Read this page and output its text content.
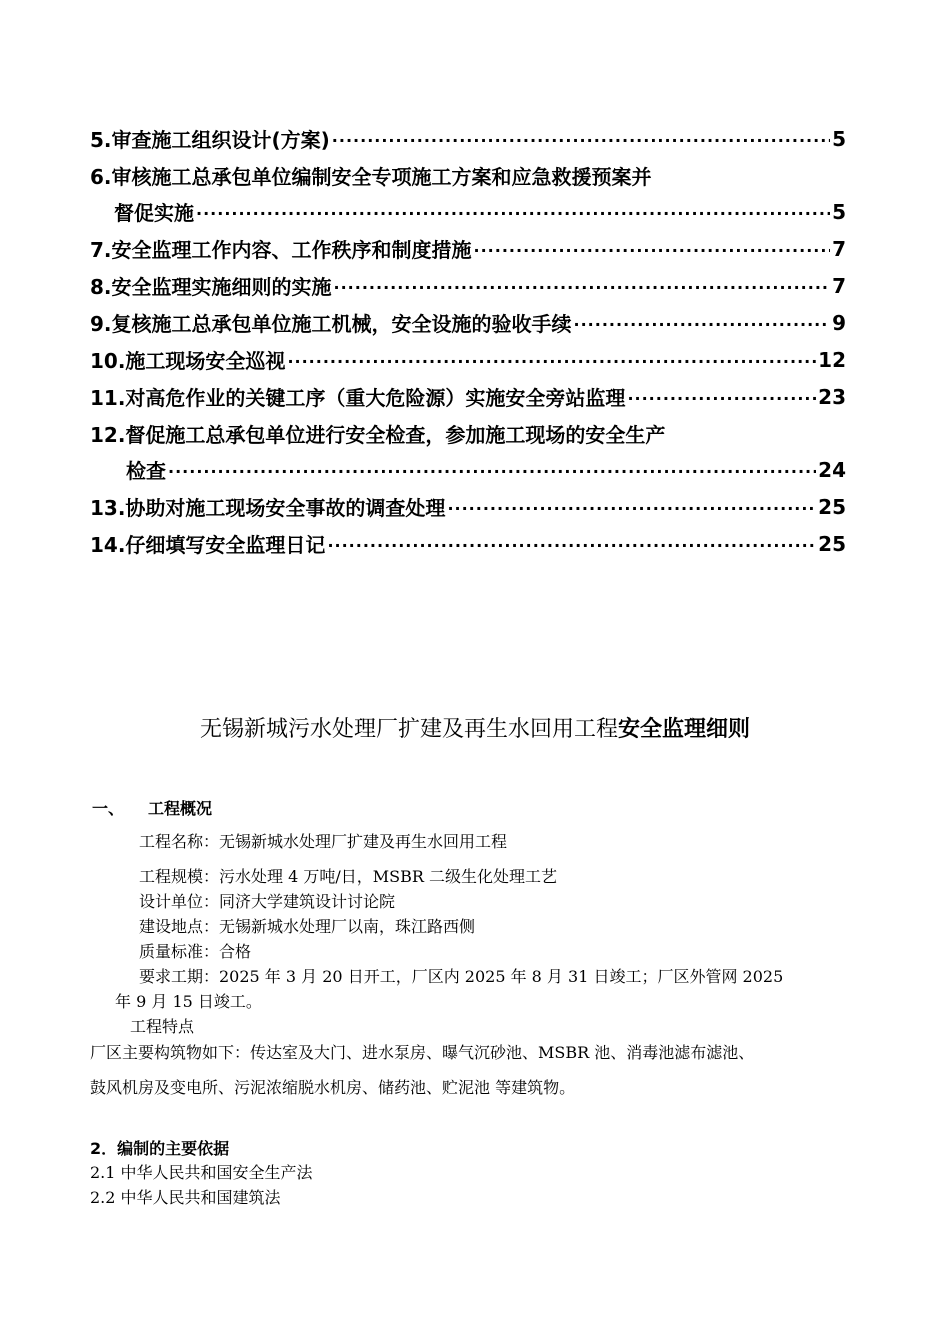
5.审查施工组织设计(方案) ·····	5
6.审核施工总承包单位编制安全专项施工方案和应急救援预案并
督促实施 ·····	5
7.安全监理工作内容、工作秩序和制度措施 ·····	7
8.安全监理实施细则的实施 ·····	7
9.复核施工总承包单位施工机械，安全设施的验收手续 ·····	9
10.施工现场安全巡视 ·····	12
11.对高危作业的关键工序（重大危险源）实施安全旁站监理 ·····	23
12.督促施工总承包单位进行安全检查，参加施工现场的安全生产
检查 ·····	24
13.协助对施工现场安全事故的调查处理 ·····	25
14.仔细填写安全监理日记 ·····	25
无锡新城污水处理厂扩建及再生水回用工程安全监理细则
一、 工程概况
工程名称：无锡新城水处理厂扩建及再生水回用工程
工程规模：污水处理 4 万吨/日，MSBR 二级生化处理工艺
设计单位：同济大学建筑设计讨论院
建设地点：无锡新城水处理厂以南，珠江路西侧
质量标准：合格
要求工期：2025 年 3 月 20 日开工，厂区内 2025 年 8 月 31 日竣工；厂区外管网 2025
年 9 月 15 日竣工。
工程特点
厂区主要构筑物如下：传达室及大门、进水泵房、曝气沉砂池、MSBR 池、消毒池滤布滤池、
鼓风机房及变电所、污泥浓缩脱水机房、储药池、贮泥池 等建筑物。
2．编制的主要依据
2.1 中华人民共和国安全生产法
2.2 中华人民共和国建筑法
